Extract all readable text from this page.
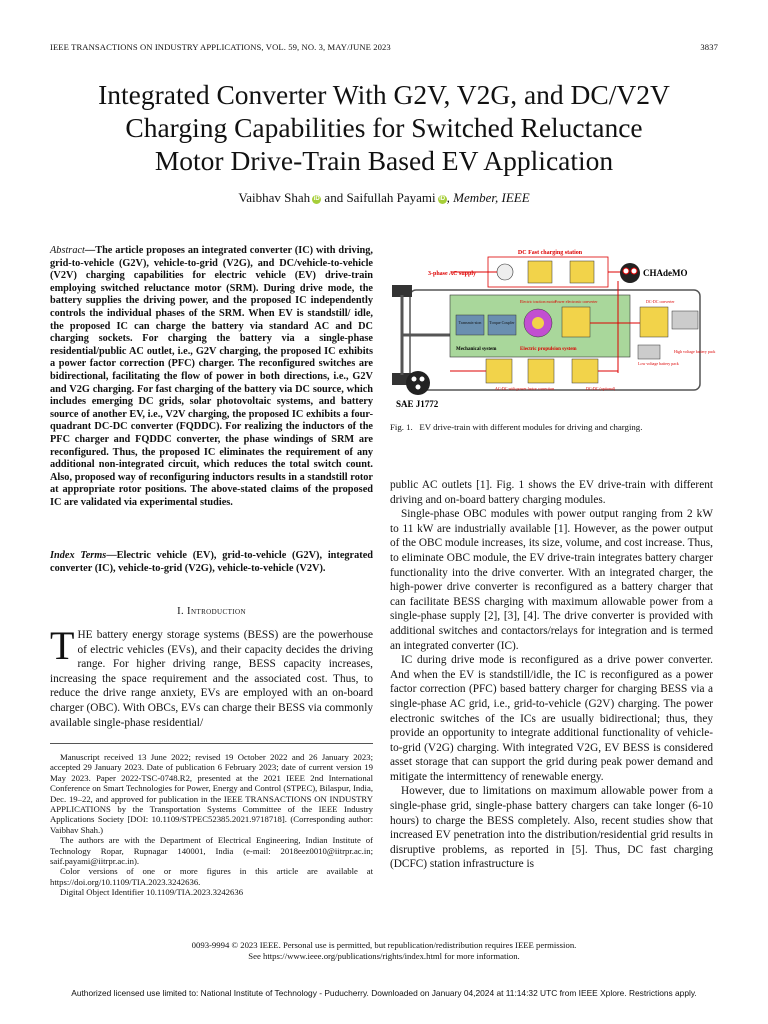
IEEE TRANSACTIONS ON INDUSTRY APPLICATIONS, VOL. 59, NO. 3, MAY/JUNE 2023	3837
Integrated Converter With G2V, V2G, and DC/V2V
Charging Capabilities for Switched Reluctance
Motor Drive-Train Based EV Application
Vaibhav Shah iD and Saifullah Payami iD , Member, IEEE
Abstract—The article proposes an integrated converter (IC) with driving, grid-to-vehicle (G2V), vehicle-to-grid (V2G), and DC/vehicle-to-vehicle (V2V) charging capabilities for electric vehicle (EV) drive-train employing switched reluctance motor (SRM). During drive mode, the battery supplies the driving power, and the proposed IC independently controls the individual phases of the SRM. When EV is standstill/ idle, the proposed IC can charge the battery via standard AC and DC charging sockets. For charging the battery via a single-phase residential/public AC outlet, i.e., G2V charging, the proposed IC exhibits a power factor correction (PFC) charger. The reconfigured switches are bidirectional, facilitating the flow of power in both directions, i.e., G2V and V2G charging. For fast charging of the battery via DC source, which includes emerging DC grids, solar photovoltaic systems, and battery source of another EV, i.e., V2V charging, the proposed IC exhibits a four-quadrant DC-DC converter (FQDDC). For realizing the inductors of the PFC charger and FQDDC converter, the phase windings of SRM are reconfigured. Thus, the proposed IC eliminates the requirement of any additional non-integrated circuit, which reduces the total switch count. Also, proposed way of reconfiguring inductors results in a standstill rotor at appropriate rotor positions. The above-stated claims of the proposed IC are validated via experimental studies.
Index Terms—Electric vehicle (EV), grid-to-vehicle (G2V), integrated converter (IC), vehicle-to-grid (V2G), vehicle-to-vehicle (V2V).
I. Introduction
THE battery energy storage systems (BESS) are the powerhouse of electric vehicles (EVs), and their capacity decides the driving range. For higher driving range, BESS capacity increases, increasing the space requirement and the associated cost. Thus, to reduce the drive range anxiety, EVs are employed with an on-board charger (OBC). With OBCs, EVs can charge their BESS via commonly available single-phase residential/

Manuscript received 13 June 2022; revised 19 October 2022 and 26 January 2023; accepted 29 January 2023. Date of publication 6 February 2023; date of current version 19 May 2023. Paper 2022-TSC-0748.R2, presented at the 2021 IEEE 2nd International Conference on Smart Technologies for Power, Energy and Control (STPEC), Bilaspur, India, Dec. 19–22, and approved for publication in the IEEE TRANSACTIONS ON INDUSTRY APPLICATIONS by the Transportation Systems Committee of the IEEE Industry Applications Society [DOI: 10.1109/STPEC52385.2021.9718718]. (Corresponding author: Vaibhav Shah.)

The authors are with the Department of Electrical Engineering, Indian Institute of Technology Ropar, Rupnagar 140001, India (e-mail: 2018eez0010@iitrpr.ac.in; saif.payami@iitrpr.ac.in).

Color versions of one or more figures in this article are available at https://doi.org/10.1109/TIA.2023.3242636.

Digital Object Identifier 10.1109/TIA.2023.3242636

DC Fast charging station
3-phase AC supply	CHAdeMO
Transmis-sion Torque Coupler
Mechanical system
Electric traction motor
Power electronic converter
Electric propulsion system
DC-DC converter
High voltage battery pack
Low voltage battery pack
AC-DC with power factor correction	DC-DC (optional)
SAE J1772
Fig. 1. EV drive-train with different modules for driving and charging.

public AC outlets [1]. Fig. 1 shows the EV drive-train with different driving and on-board battery charging modules.

Single-phase OBC modules with power output ranging from 2 kW to 11 kW are industrially available [1]. However, as the power output of the OBC module increases, its size, volume, and cost increase. Thus, to eliminate OBC module, the EV drive-train integrates battery charger functionality into the drive converter. With an integrated charger, the high-power drive converter is reconfigured as a battery charger that can facilitate BESS charging with maximum allowable power from a single-phase supply [2], [3], [4]. The drive converter is provided with additional switches and contactors/relays for integration and is termed an integrated converter (IC).

IC during drive mode is reconfigured as a drive power converter. And when the EV is standstill/idle, the IC is reconfigured as a power factor correction (PFC) based battery charger for charging BESS via a single-phase AC grid, i.e., grid-to-vehicle (G2V) charging. The power electronic switches of the ICs are usually bidirectional; thus, they provide an opportunity to integrate additional functionality of vehicle-to-grid (V2G) charging. With integrated V2G, EV BESS is considered asset storage that can support the grid during peak power demand and mitigate the intermittency of renewable energy.

However, due to limitations on maximum allowable power from a single-phase grid, single-phase battery chargers can take longer (6-10 hours) to charge the BESS completely. Also, recent studies show that increased EV penetration into the distribution/residential grid results in disruptive problems, as reported in [5]. Thus, DC fast charging (DCFC) station infrastructure is

0093-9994 © 2023 IEEE. Personal use is permitted, but republication/redistribution requires IEEE permission.
See https://www.ieee.org/publications/rights/index.html for more information.
Authorized licensed use limited to: National Institute of Technology - Puducherry. Downloaded on January 04,2024 at 11:14:32 UTC from IEEE Xplore. Restrictions apply.
